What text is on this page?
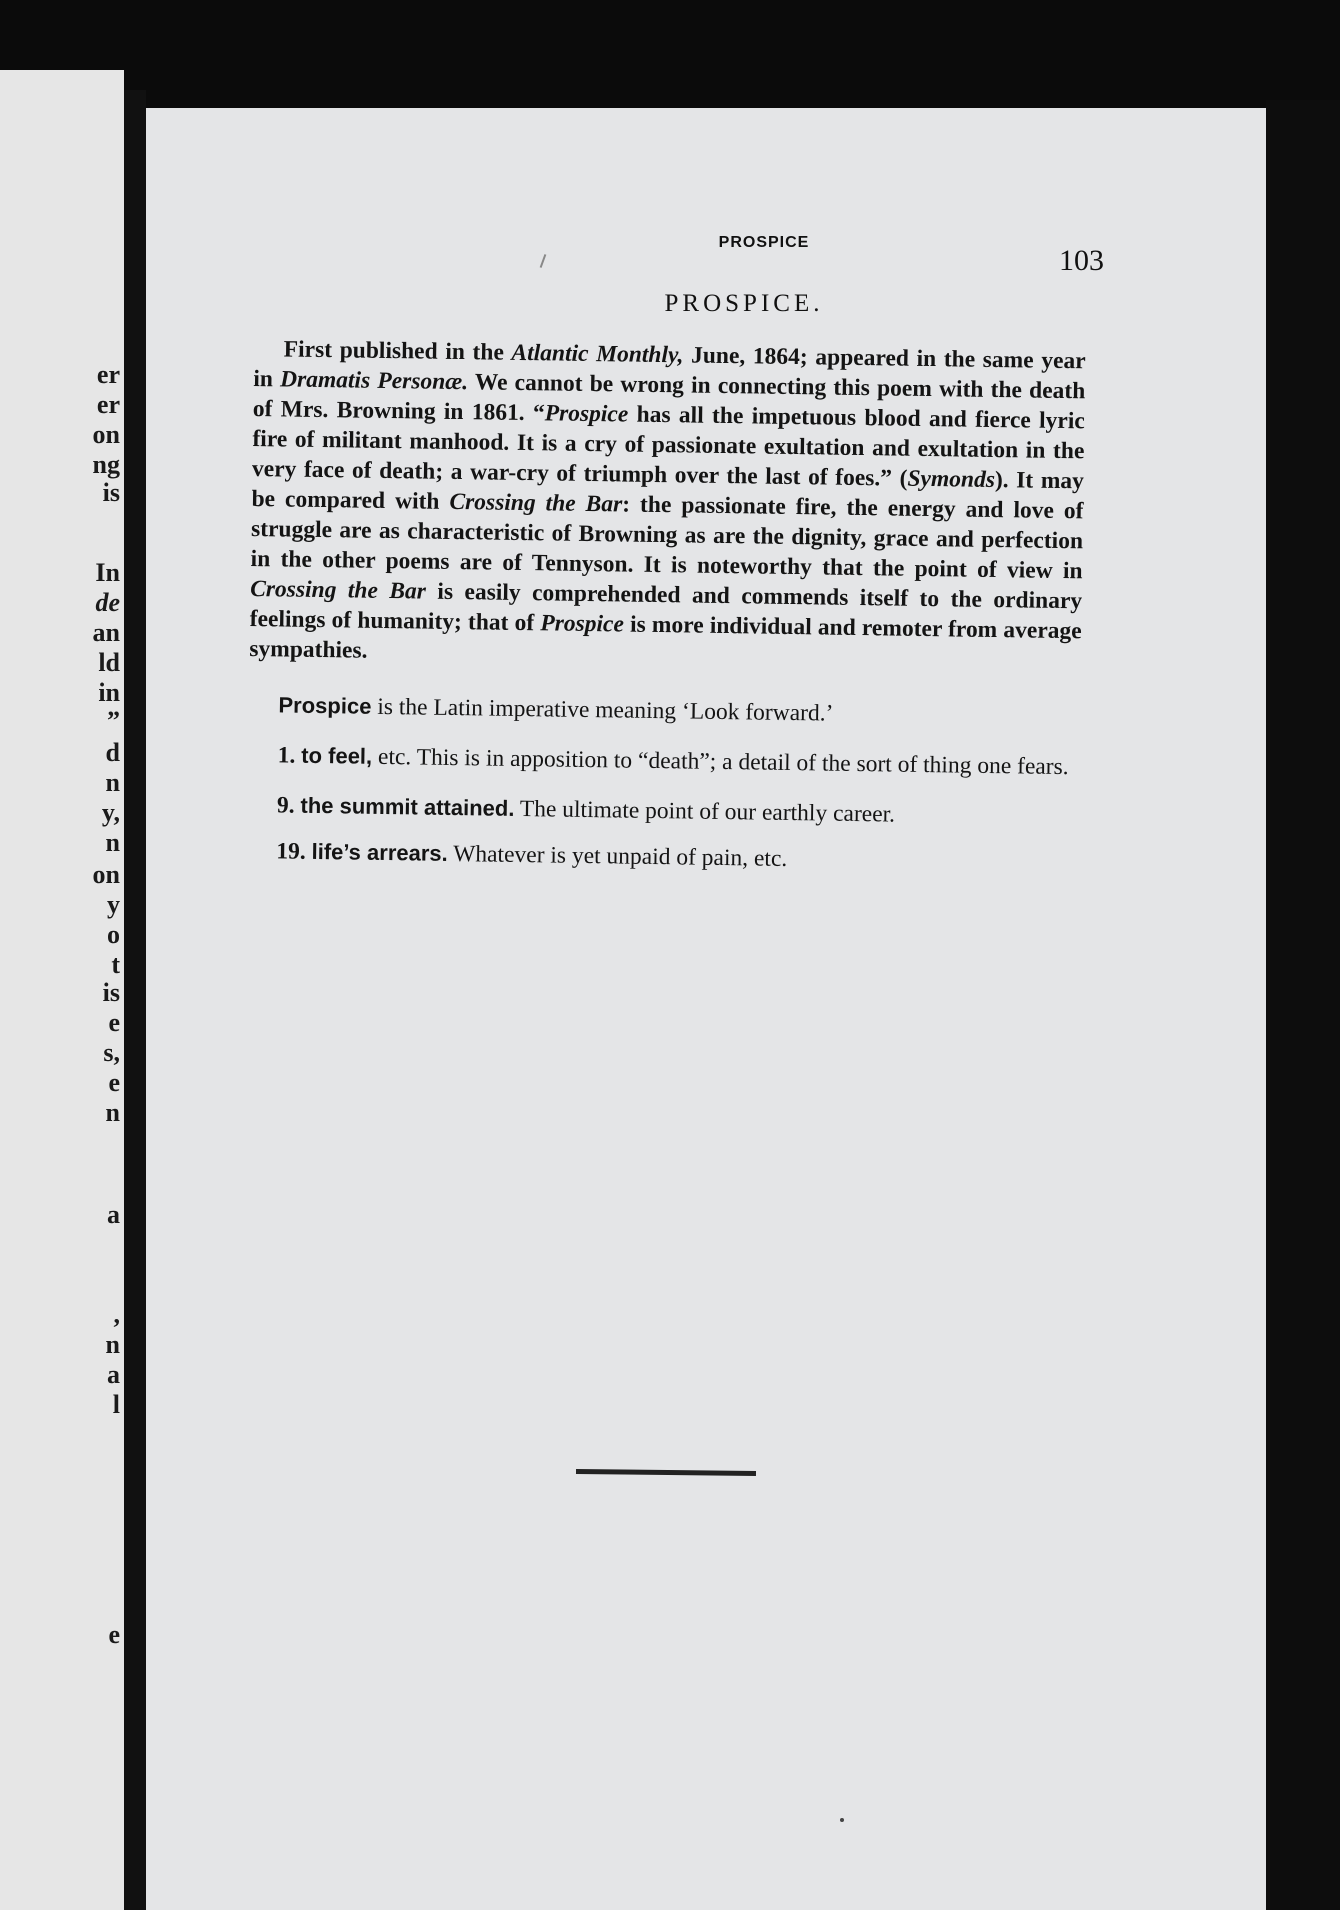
er
er
on
ng
is
In
de
an
ld
in
”
d
n
y,
n
on
y
o
t
is
e
s,
e
n
a
,
n
a
l
e
PROSPICE
103
PROSPICE.

First published in the Atlantic Monthly, June, 1864; appeared in the same year in Dramatis Personæ. We cannot be wrong in connecting this poem with the death of Mrs. Browning in 1861. “Prospice has all the impetuous blood and fierce lyric fire of militant manhood. It is a cry of passionate exultation and exultation in the very face of death; a war-cry of triumph over the last of foes.” (Symonds). It may be compared with Crossing the Bar: the passionate fire, the energy and love of struggle are as characteristic of Browning as are the dignity, grace and perfection in the other poems are of Tennyson. It is noteworthy that the point of view in Crossing the Bar is easily comprehended and commends itself to the ordinary feelings of humanity; that of Prospice is more individual and remoter from average sympathies.

Prospice is the Latin imperative meaning ‘Look forward.’

1. to feel, etc. This is in apposition to “death”; a detail of the sort of thing one fears.

9. the summit attained. The ultimate point of our earthly career.

19. life’s arrears. Whatever is yet unpaid of pain, etc.
